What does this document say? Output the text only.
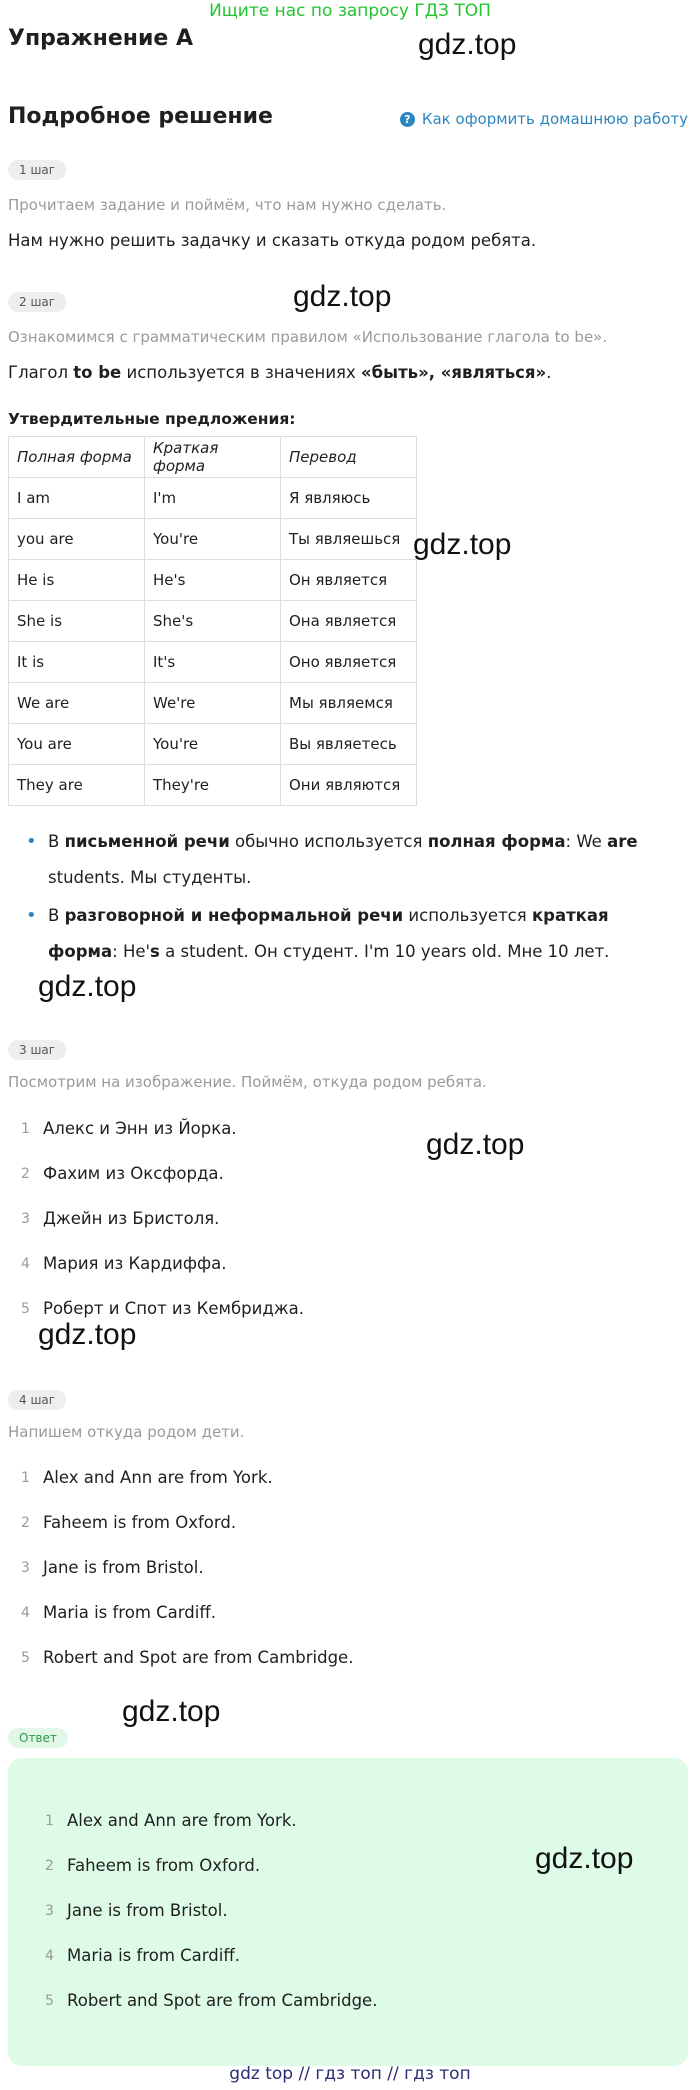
Ищите нас по запросу ГДЗ ТОП
Упражнение A	gdz.top
Подробное решение	? Как оформить домашнюю работу
1 шаг
Прочитаем задание и поймём, что нам нужно сделать.
Нам нужно решить задачку и сказать откуда родом ребята.
2 шаг	gdz.top
Ознакомимся с грамматическим правилом «Использование глагола to be».
Глагол to be используется в значениях «быть», «являться».
Утвердительные предложения:
Полная форма	Краткая форма	Перевод
I am	I'm	Я являюсь
you are	You're	Ты являешься
He is	He's	Он является
She is	She's	Она является
It is	It's	Оно является
We are	We're	Мы являемся
You are	You're	Вы являетесь
They are	They're	Они являются
gdz.top
• В письменной речи обычно используется полная форма: We are students. Мы студенты.
• В разговорной и неформальной речи используется краткая форма: He's a student. Он студент. I'm 10 years old. Мне 10 лет.
gdz.top
3 шаг
Посмотрим на изображение. Поймём, откуда родом ребята.
1 Алекс и Энн из Йорка.
2 Фахим из Оксфорда.
3 Джейн из Бристоля.
4 Мария из Кардиффа.
5 Роберт и Спот из Кембриджа.
gdz.top
gdz.top
4 шаг
Напишем откуда родом дети.
1 Alex and Ann are from York.
2 Faheem is from Oxford.
3 Jane is from Bristol.
4 Maria is from Cardiff.
5 Robert and Spot are from Cambridge.
gdz.top
Ответ
1 Alex and Ann are from York.
2 Faheem is from Oxford.
3 Jane is from Bristol.
4 Maria is from Cardiff.
5 Robert and Spot are from Cambridge.
gdz.top
gdz top // гдз топ // гдз топ
